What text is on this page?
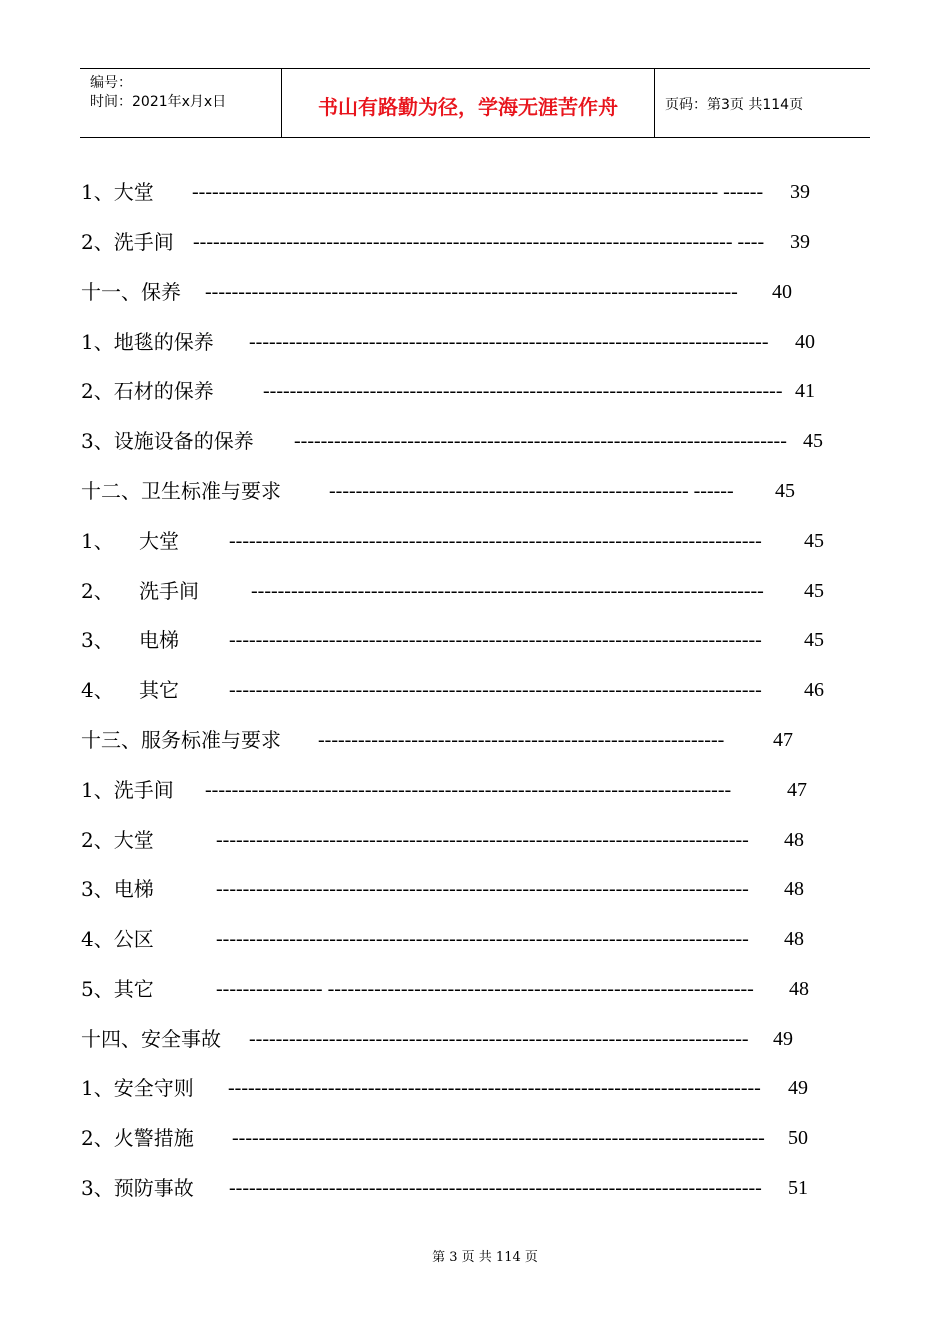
编号：
时间：2021年x月x日	书山有路勤为径，学海无涯苦作舟	页码：第3页 共114页
1、大堂	39
------------------------------------------------------------------------------- ------
2、洗手间	39
--------------------------------------------------------------------------------- ----
十一、保养	40
--------------------------------------------------------------------------------
1、地毯的保养	40
------------------------------------------------------------------------------
2、石材的保养	41
------------------------------------------------------------------------------
3、设施设备的保养	45
--------------------------------------------------------------------------
十二、卫生标准与要求	45
------------------------------------------------------ ------
1、 大堂	45
--------------------------------------------------------------------------------
2、 洗手间	45
-----------------------------------------------------------------------------
3、 电梯	45
--------------------------------------------------------------------------------
4、 其它	46
--------------------------------------------------------------------------------
十三、服务标准与要求	47
-------------------------------------------------------------
1、洗手间	47
-------------------------------------------------------------------------------
2、大堂	48
--------------------------------------------------------------------------------
3、电梯	48
--------------------------------------------------------------------------------
4、公区	48
--------------------------------------------------------------------------------
5、其它	48
---------------- ----------------------------------------------------------------
十四、安全事故	49
---------------------------------------------------------------------------
1、安全守则	49
--------------------------------------------------------------------------------
2、火警措施	50
--------------------------------------------------------------------------------
3、预防事故	51
--------------------------------------------------------------------------------
第 3 页 共 114 页
